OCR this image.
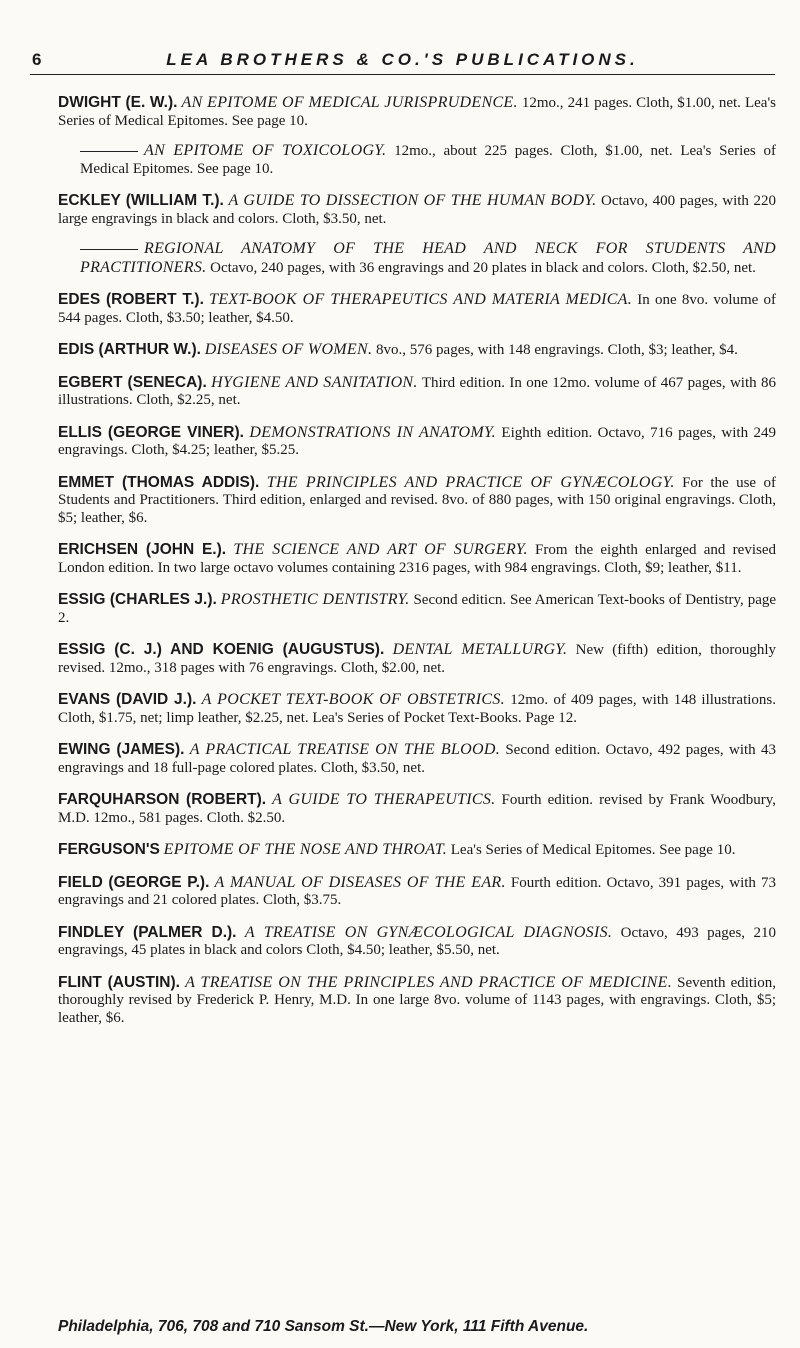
6	LEA BROTHERS & CO.'S PUBLICATIONS.

DWIGHT (E. W.). AN EPITOME OF MEDICAL JURISPRUDENCE. 12mo., 241 pages. Cloth, $1.00, net. Lea's Series of Medical Epitomes. See page 10.

AN EPITOME OF TOXICOLOGY. 12mo., about 225 pages. Cloth, $1.00, net. Lea's Series of Medical Epitomes. See page 10.

ECKLEY (WILLIAM T.). A GUIDE TO DISSECTION OF THE HUMAN BODY. Octavo, 400 pages, with 220 large engravings in black and colors. Cloth, $3.50, net.

REGIONAL ANATOMY OF THE HEAD AND NECK FOR STUDENTS AND PRACTITIONERS. Octavo, 240 pages, with 36 engravings and 20 plates in black and colors. Cloth, $2.50, net.

EDES (ROBERT T.). TEXT-BOOK OF THERAPEUTICS AND MATERIA MEDICA. In one 8vo. volume of 544 pages. Cloth, $3.50; leather, $4.50.

EDIS (ARTHUR W.). DISEASES OF WOMEN. 8vo., 576 pages, with 148 engravings. Cloth, $3; leather, $4.

EGBERT (SENECA). HYGIENE AND SANITATION. Third edition. In one 12mo. volume of 467 pages, with 86 illustrations. Cloth, $2.25, net.

ELLIS (GEORGE VINER). DEMONSTRATIONS IN ANATOMY. Eighth edition. Octavo, 716 pages, with 249 engravings. Cloth, $4.25; leather, $5.25.

EMMET (THOMAS ADDIS). THE PRINCIPLES AND PRACTICE OF GYNÆCOLOGY. For the use of Students and Practitioners. Third edition, enlarged and revised. 8vo. of 880 pages, with 150 original engravings. Cloth, $5; leather, $6.

ERICHSEN (JOHN E.). THE SCIENCE AND ART OF SURGERY. From the eighth enlarged and revised London edition. In two large octavo volumes containing 2316 pages, with 984 engravings. Cloth, $9; leather, $11.

ESSIG (CHARLES J.). PROSTHETIC DENTISTRY. Second editicn. See American Text-books of Dentistry, page 2.

ESSIG (C. J.) AND KOENIG (AUGUSTUS). DENTAL METALLURGY. New (fifth) edition, thoroughly revised. 12mo., 318 pages with 76 engravings. Cloth, $2.00, net.

EVANS (DAVID J.). A POCKET TEXT-BOOK OF OBSTETRICS. 12mo. of 409 pages, with 148 illustrations. Cloth, $1.75, net; limp leather, $2.25, net. Lea's Series of Pocket Text-Books. Page 12.

EWING (JAMES). A PRACTICAL TREATISE ON THE BLOOD. Second edition. Octavo, 492 pages, with 43 engravings and 18 full-page colored plates. Cloth, $3.50, net.

FARQUHARSON (ROBERT). A GUIDE TO THERAPEUTICS. Fourth edition. revised by Frank Woodbury, M.D. 12mo., 581 pages. Cloth. $2.50.

FERGUSON'S EPITOME OF THE NOSE AND THROAT. Lea's Series of Medical Epitomes. See page 10.

FIELD (GEORGE P.). A MANUAL OF DISEASES OF THE EAR. Fourth edition. Octavo, 391 pages, with 73 engravings and 21 colored plates. Cloth, $3.75.

FINDLEY (PALMER D.). A TREATISE ON GYNÆCOLOGICAL DIAGNOSIS. Octavo, 493 pages, 210 engravings, 45 plates in black and colors Cloth, $4.50; leather, $5.50, net.

FLINT (AUSTIN). A TREATISE ON THE PRINCIPLES AND PRACTICE OF MEDICINE. Seventh edition, thoroughly revised by Frederick P. Henry, M.D. In one large 8vo. volume of 1143 pages, with engravings. Cloth, $5; leather, $6.

Philadelphia, 706, 708 and 710 Sansom St.—New York, 111 Fifth Avenue.
